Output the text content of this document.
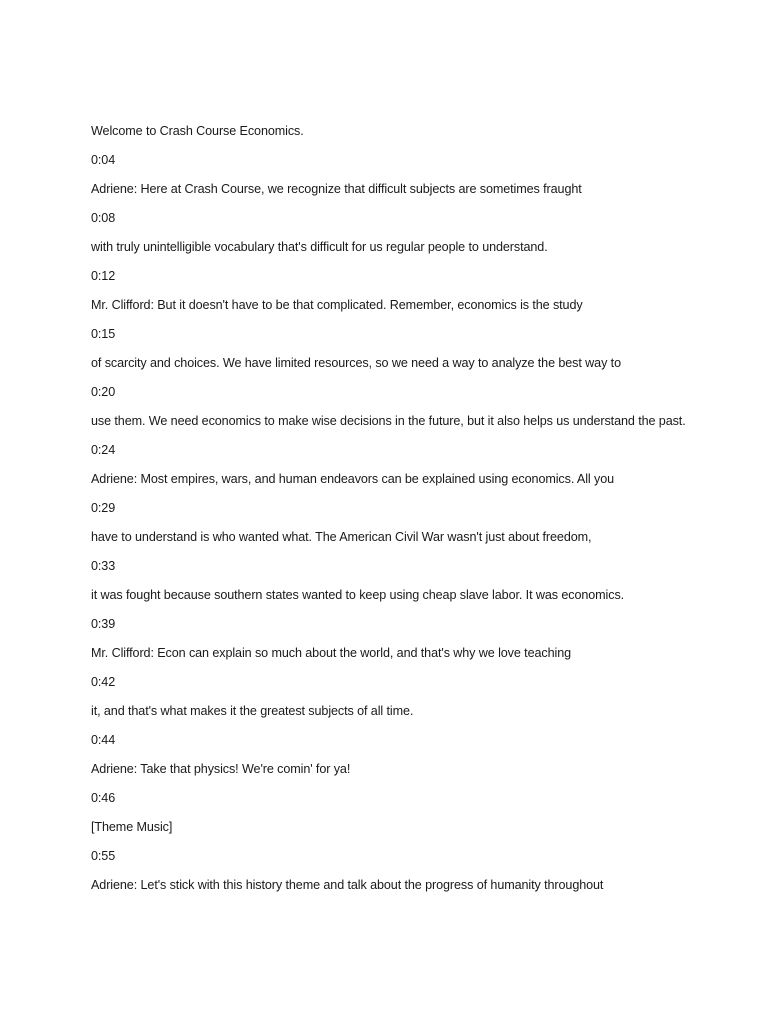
Welcome to Crash Course Economics.

0:04

Adriene: Here at Crash Course, we recognize that difficult subjects are sometimes fraught

0:08

with truly unintelligible vocabulary that's difficult for us regular people to understand.

0:12

Mr. Clifford: But it doesn't have to be that complicated. Remember, economics is the study

0:15

of scarcity and choices. We have limited resources, so we need a way to analyze the best way to

0:20

use them. We need economics to make wise decisions in the future, but it also helps us understand the past.

0:24

Adriene: Most empires, wars, and human endeavors can be explained using economics. All you

0:29

have to understand is who wanted what. The American Civil War wasn't just about freedom,

0:33

it was fought because southern states wanted to keep using cheap slave labor. It was economics.

0:39

Mr. Clifford: Econ can explain so much about the world, and that's why we love teaching

0:42

it, and that's what makes it the greatest subjects of all time.

0:44

Adriene: Take that physics! We're comin' for ya!

0:46

[Theme Music]

0:55

Adriene: Let's stick with this history theme and talk about the progress of humanity throughout
